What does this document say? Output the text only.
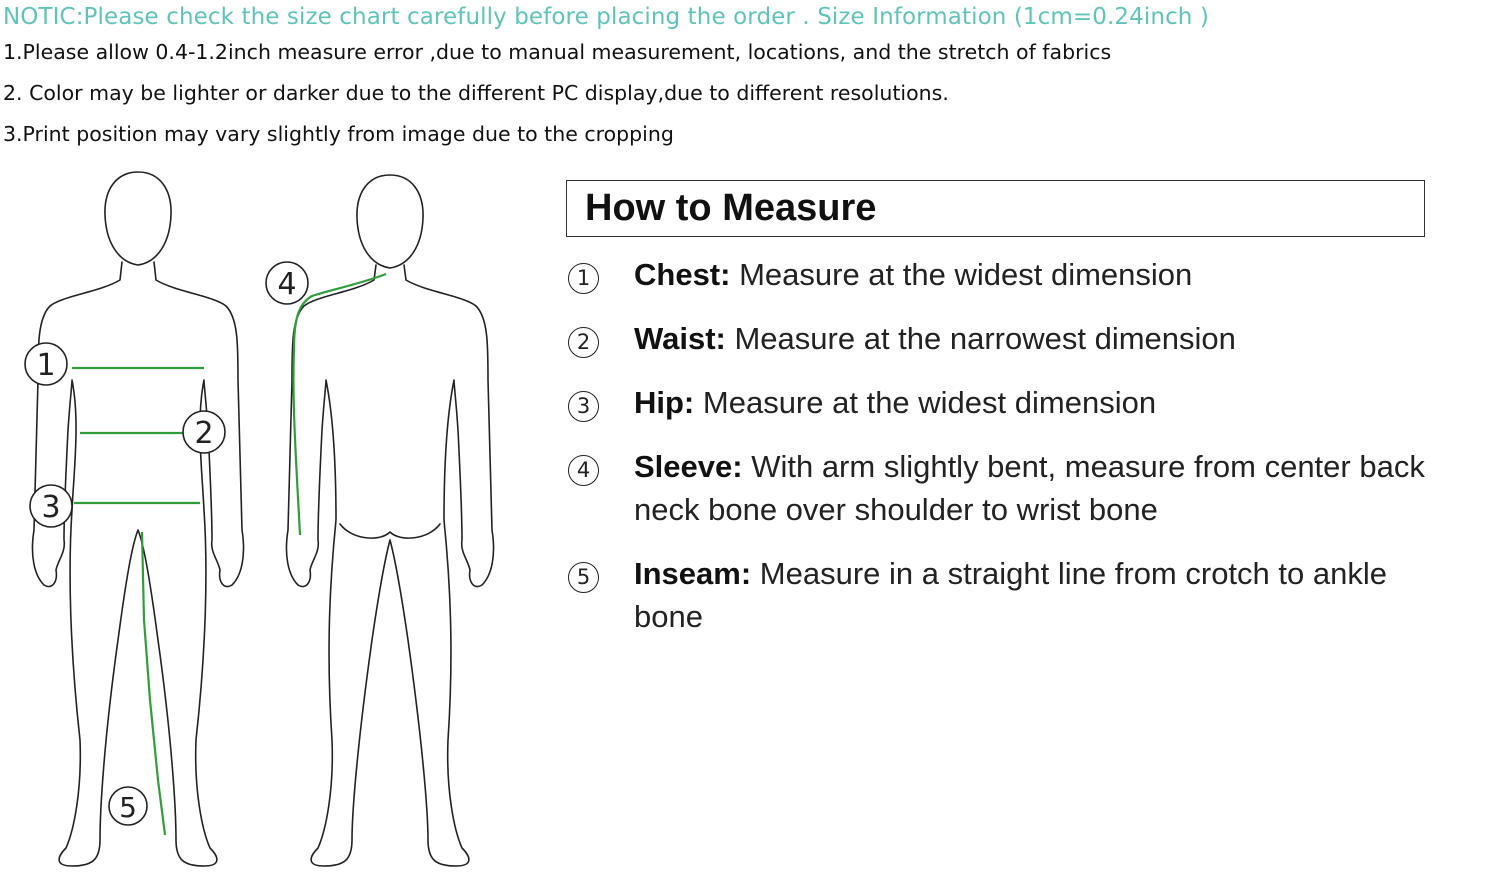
NOTIC:Please check the size chart carefully before placing the order . Size Information (1cm=0.24inch )
1.Please allow 0.4-1.2inch measure error ,due to manual measurement, locations, and the stretch of fabrics
2. Color may be lighter or darker due to the different PC display,due to different resolutions.
3.Print position may vary slightly from image due to the cropping
1
2
3
4
5
How to Measure
1 Chest: Measure at the widest dimension
2 Waist: Measure at the narrowest dimension
3 Hip: Measure at the widest dimension
4 Sleeve: With arm slightly bent, measure from center back neck bone over shoulder to wrist bone
5 Inseam: Measure in a straight line from crotch to ankle bone
